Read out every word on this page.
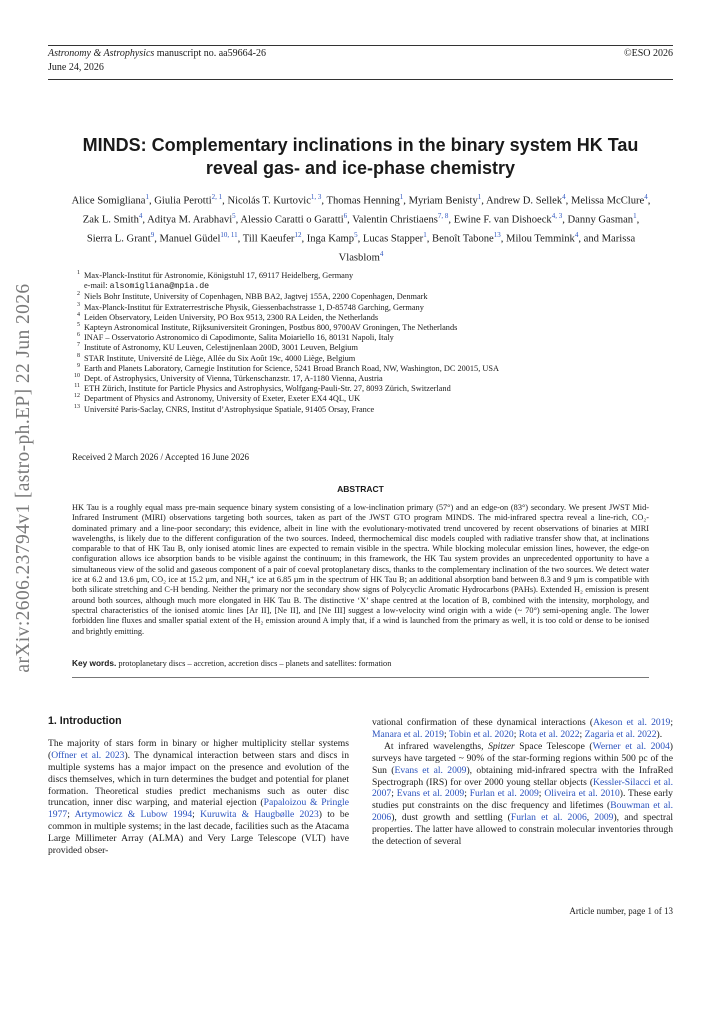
Astronomy & Astrophysics manuscript no. aa59664-26
June 24, 2026
©ESO 2026
arXiv:2606.23794v1 [astro-ph.EP] 22 Jun 2026
MINDS: Complementary inclinations in the binary system HK Tau
reveal gas- and ice-phase chemistry
Alice Somigliana$^1$, Giulia Perotti$^{2, 1}$, Nicolás T. Kurtovic$^{1, 3}$, Thomas Henning$^1$, Myriam Benisty$^1$, Andrew D. Sellek$^4$, Melissa McClure$^4$, Zak L. Smith$^4$, Aditya M. Arabhavi$^5$, Alessio Caratti o Garatti$^6$, Valentin Christiaens$^{7, 8}$, Ewine F. van Dishoeck$^{4, 3}$, Danny Gasman$^1$, Sierra L. Grant$^9$, Manuel Güdel$^{10, 11}$, Till Kaeufer$^{12}$, Inga Kamp$^5$, Lucas Stapper$^1$, Benoît Tabone$^{13}$, Milou Temmink$^4$, and Marissa Vlasblom$^4$
1 Max-Planck-Institut für Astronomie, Königstuhl 17, 69117 Heidelberg, Germany
e-mail: alsomigliana@mpia.de
2 Niels Bohr Institute, University of Copenhagen, NBB BA2, Jagtvej 155A, 2200 Copenhagen, Denmark
3 Max-Planck-Institut für Extraterrestrische Physik, Giessenbachstrasse 1, D-85748 Garching, Germany
4 Leiden Observatory, Leiden University, PO Box 9513, 2300 RA Leiden, the Netherlands
5 Kapteyn Astronomical Institute, Rijksuniversiteit Groningen, Postbus 800, 9700AV Groningen, The Netherlands
6 INAF – Osservatorio Astronomico di Capodimonte, Salita Moiariello 16, 80131 Napoli, Italy
7 Institute of Astronomy, KU Leuven, Celestijnenlaan 200D, 3001 Leuven, Belgium
8 STAR Institute, Université de Liège, Allée du Six Août 19c, 4000 Liège, Belgium
9 Earth and Planets Laboratory, Carnegie Institution for Science, 5241 Broad Branch Road, NW, Washington, DC 20015, USA
10 Dept. of Astrophysics, University of Vienna, Türkenschanzstr. 17, A-1180 Vienna, Austria
11 ETH Zürich, Institute for Particle Physics and Astrophysics, Wolfgang-Pauli-Str. 27, 8093 Zürich, Switzerland
12 Department of Physics and Astronomy, University of Exeter, Exeter EX4 4QL, UK
13 Université Paris-Saclay, CNRS, Institut d’Astrophysique Spatiale, 91405 Orsay, France
Received 2 March 2026 / Accepted 16 June 2026
ABSTRACT
HK Tau is a roughly equal mass pre-main sequence binary system consisting of a low-inclination primary (57°) and an edge-on (83°) secondary. We present JWST Mid-Infrared Instrument (MIRI) observations targeting both sources, taken as part of the JWST GTO program MINDS. The mid-infrared spectra reveal a line-rich, CO₂-dominated primary and a line-poor secondary; this evidence, albeit in line with the evolutionary-motivated trend uncovered by recent observations of binaries at MIRI wavelengths, is likely due to the different configuration of the two sources. Indeed, thermochemical disc models coupled with radiative transfer show that, at inclinations comparable to that of HK Tau B, only ionised atomic lines are expected to remain visible in the spectra. While blocking molecular emission lines, however, the edge-on configuration allows ice absorption bands to be visible against the continuum; in this framework, the HK Tau system provides an unprecedented opportunity to have a simultaneous view of the solid and gaseous component of a pair of coeval protoplanetary discs, thanks to the complementary inclination of the two sources. We detect water ice at 6.2 and 13.6 µm, CO₂ ice at 15.2 µm, and NH₄⁺ ice at 6.85 µm in the spectrum of HK Tau B; an additional absorption band between 8.3 and 9 µm is compatible with both silicate stretching and C-H bending. Neither the primary nor the secondary show signs of Polycyclic Aromatic Hydrocarbons (PAHs). Extended H₂ emission is present around both sources, although much more elongated in HK Tau B. The distinctive ‘X’ shape centred at the location of B, combined with the intensity, morphology, and spectral characteristics of the ionised atomic lines [Ar II], [Ne II], and [Ne III] suggest a low-velocity wind origin with a wide (~ 70°) semi-opening angle. The lower forbidden line fluxes and smaller spatial extent of the H₂ emission around A imply that, if a wind is launched from the primary as well, it is too cold or dense to be ionised and brightly emitting.
Key words. protoplanetary discs – accretion, accretion discs – planets and satellites: formation
1. Introduction
The majority of stars form in binary or higher multiplicity stellar systems (Offner et al. 2023). The dynamical interaction between stars and discs in multiple systems has a major impact on the presence and evolution of the discs themselves, which in turn determines the budget and potential for planet formation. Theoretical studies predict mechanisms such as outer disc truncation, inner disc warping, and material ejection (Papaloizou & Pringle 1977; Artymowicz & Lubow 1994; Kuruwita & Haugbølle 2023) to be common in multiple systems; in the last decade, facilities such as the Atacama Large Millimeter Array (ALMA) and Very Large Telescope (VLT) have provided obser-
vational confirmation of these dynamical interactions (Akeson et al. 2019; Manara et al. 2019; Tobin et al. 2020; Rota et al. 2022; Zagaria et al. 2022).
At infrared wavelengths, Spitzer Space Telescope (Werner et al. 2004) surveys have targeted ~ 90% of the star-forming regions within 500 pc of the Sun (Evans et al. 2009), obtaining mid-infrared spectra with the InfraRed Spectrograph (IRS) for over 2000 young stellar objects (Kessler-Silacci et al. 2007; Evans et al. 2009; Furlan et al. 2009; Oliveira et al. 2010). These early studies put constraints on the disc frequency and lifetimes (Bouwman et al. 2006), dust growth and settling (Furlan et al. 2006, 2009), and spectral properties. The latter have allowed to constrain molecular inventories through the detection of several
Article number, page 1 of 13
